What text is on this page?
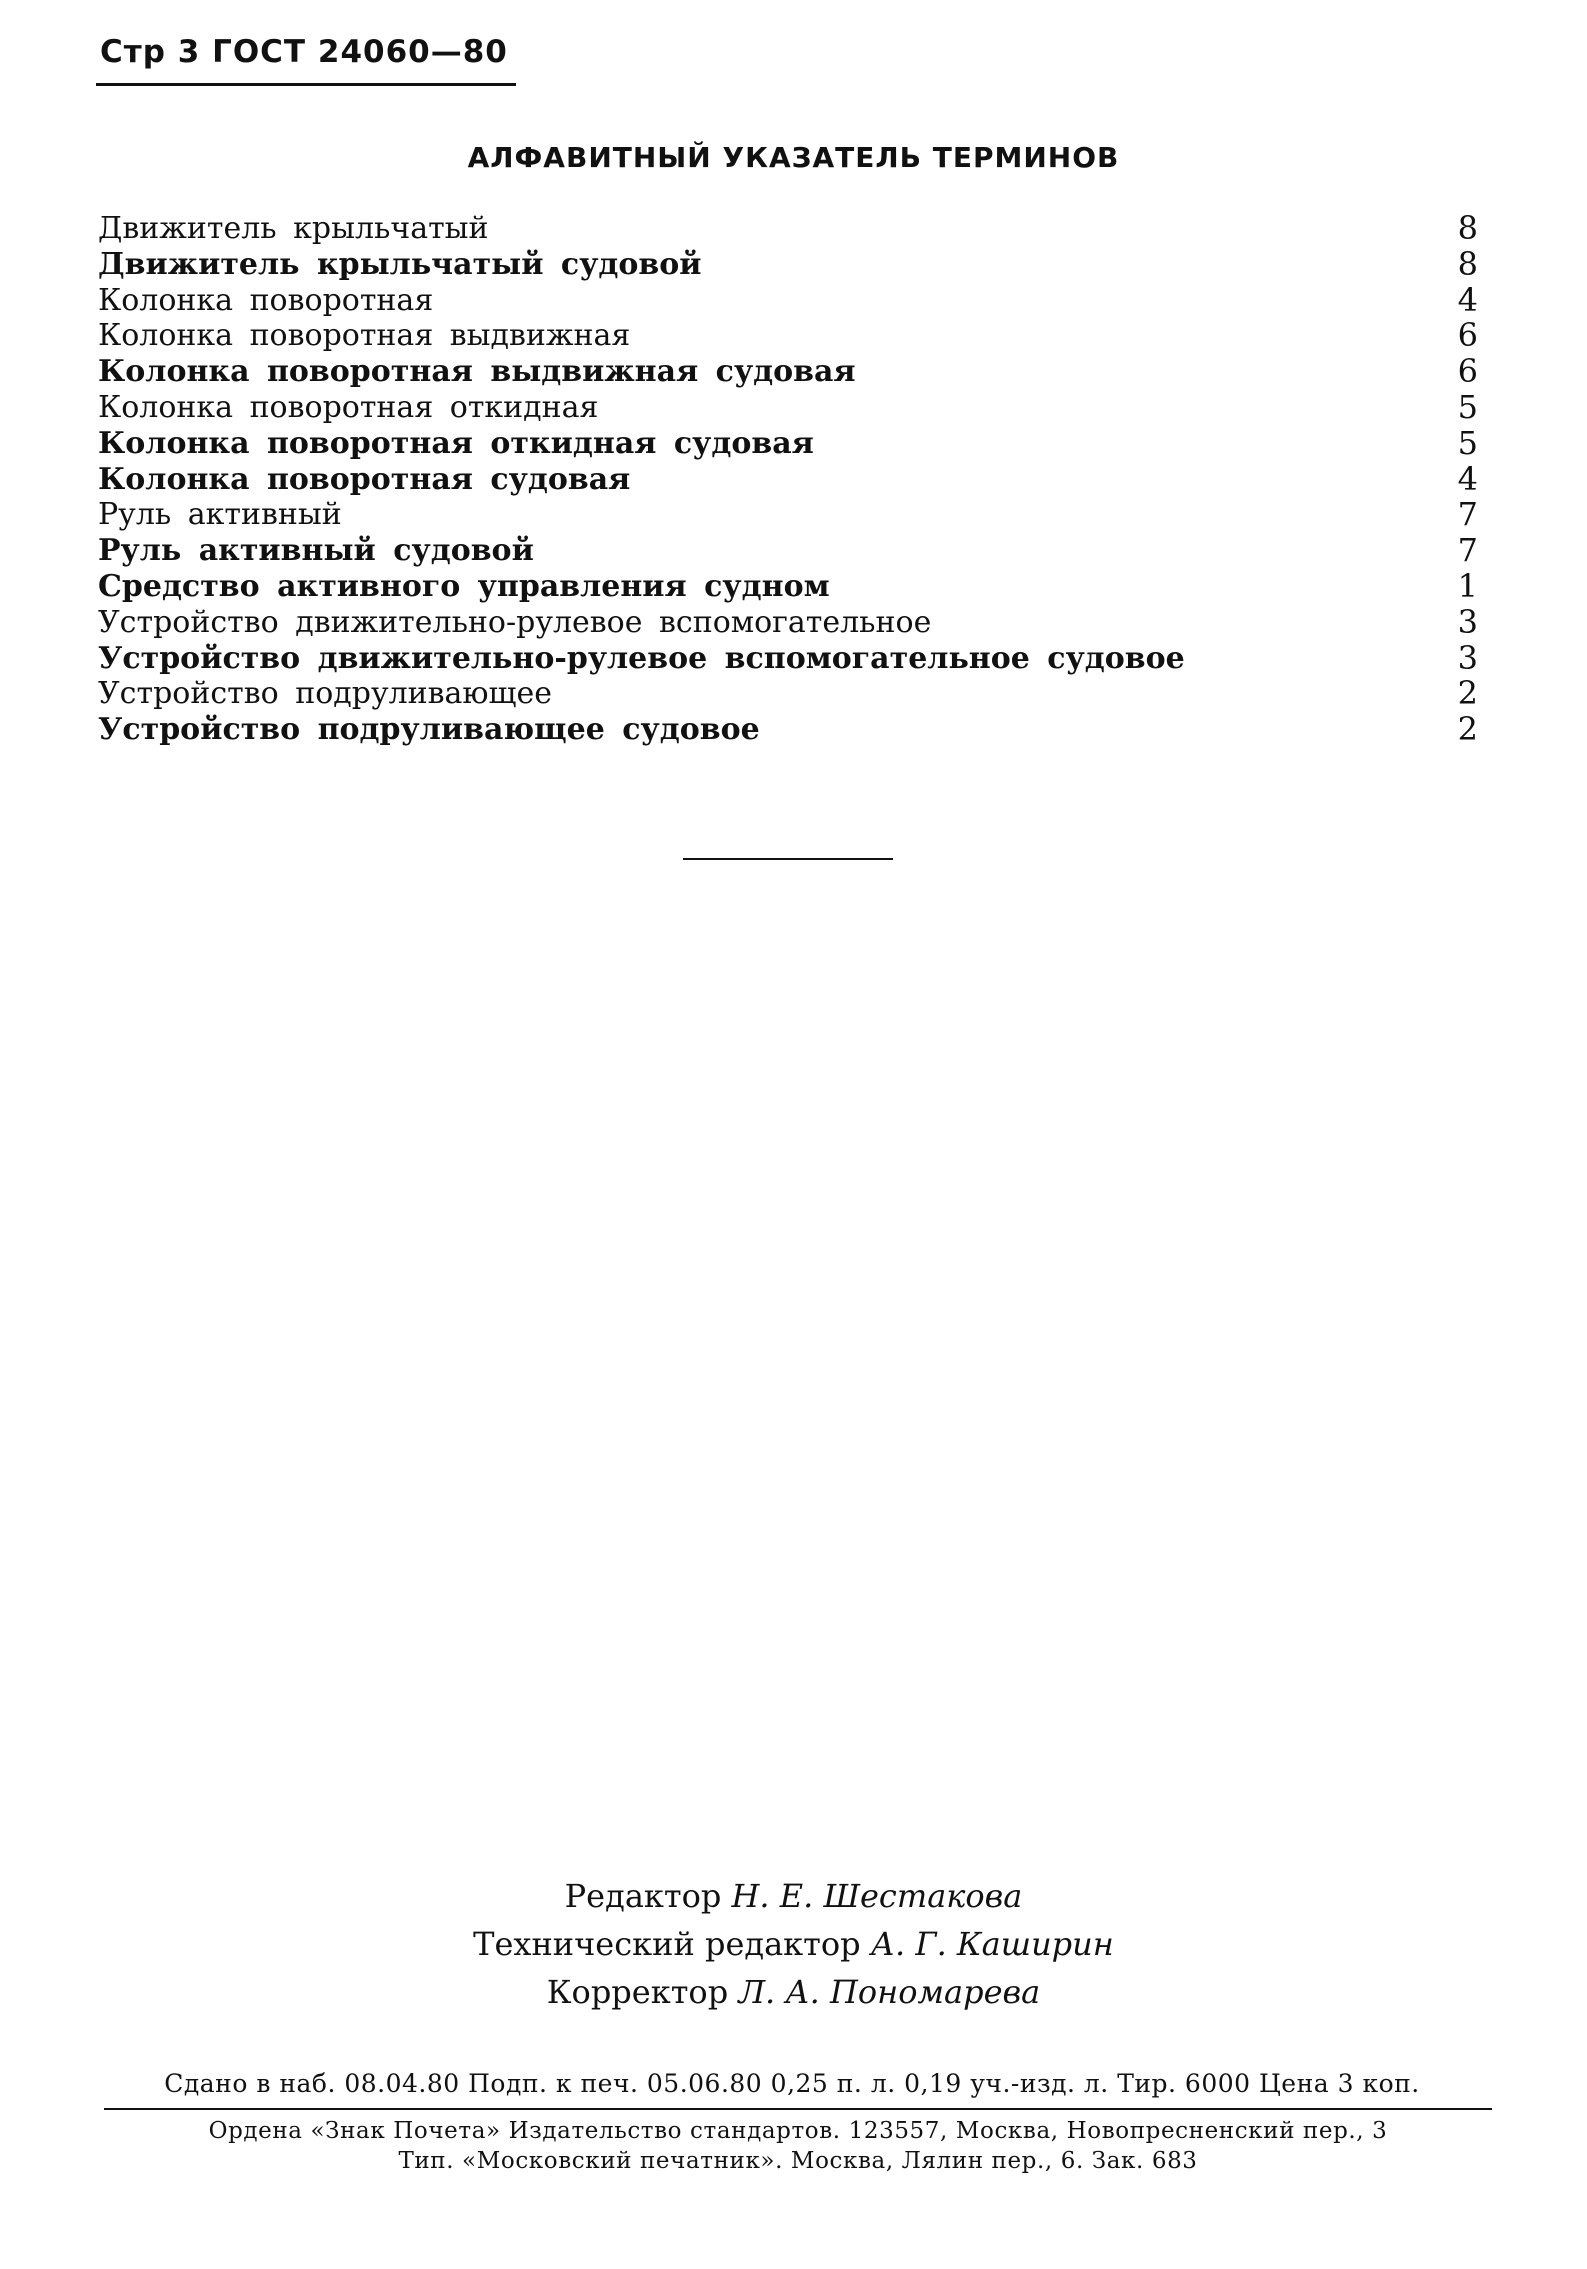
Стр 3 ГОСТ 24060—80
АЛФАВИТНЫЙ УКАЗАТЕЛЬ ТЕРМИНОВ
Движитель крыльчатый	8
Движитель крыльчатый судовой	8
Колонка поворотная	4
Колонка поворотная выдвижная	6
Колонка поворотная выдвижная судовая	6
Колонка поворотная откидная	5
Колонка поворотная откидная судовая	5
Колонка поворотная судовая	4
Руль активный	7
Руль активный судовой	7
Средство активного управления судном	1
Устройство движительно-рулевое вспомогательное	3
Устройство движительно-рулевое вспомогательное судовое	3
Устройство подруливающее	2
Устройство подруливающее судовое	2
Редактор Н. Е. Шестакова
Технический редактор А. Г. Каширин
Корректор Л. А. Пономарева
Сдано в наб. 08.04.80 Подп. к печ. 05.06.80 0,25 п. л. 0,19 уч.-изд. л. Тир. 6000 Цена 3 коп.
Ордена «Знак Почета» Издательство стандартов. 123557, Москва, Новопресненский пер., 3
Тип. «Московский печатник». Москва, Лялин пер., 6. Зак. 683
